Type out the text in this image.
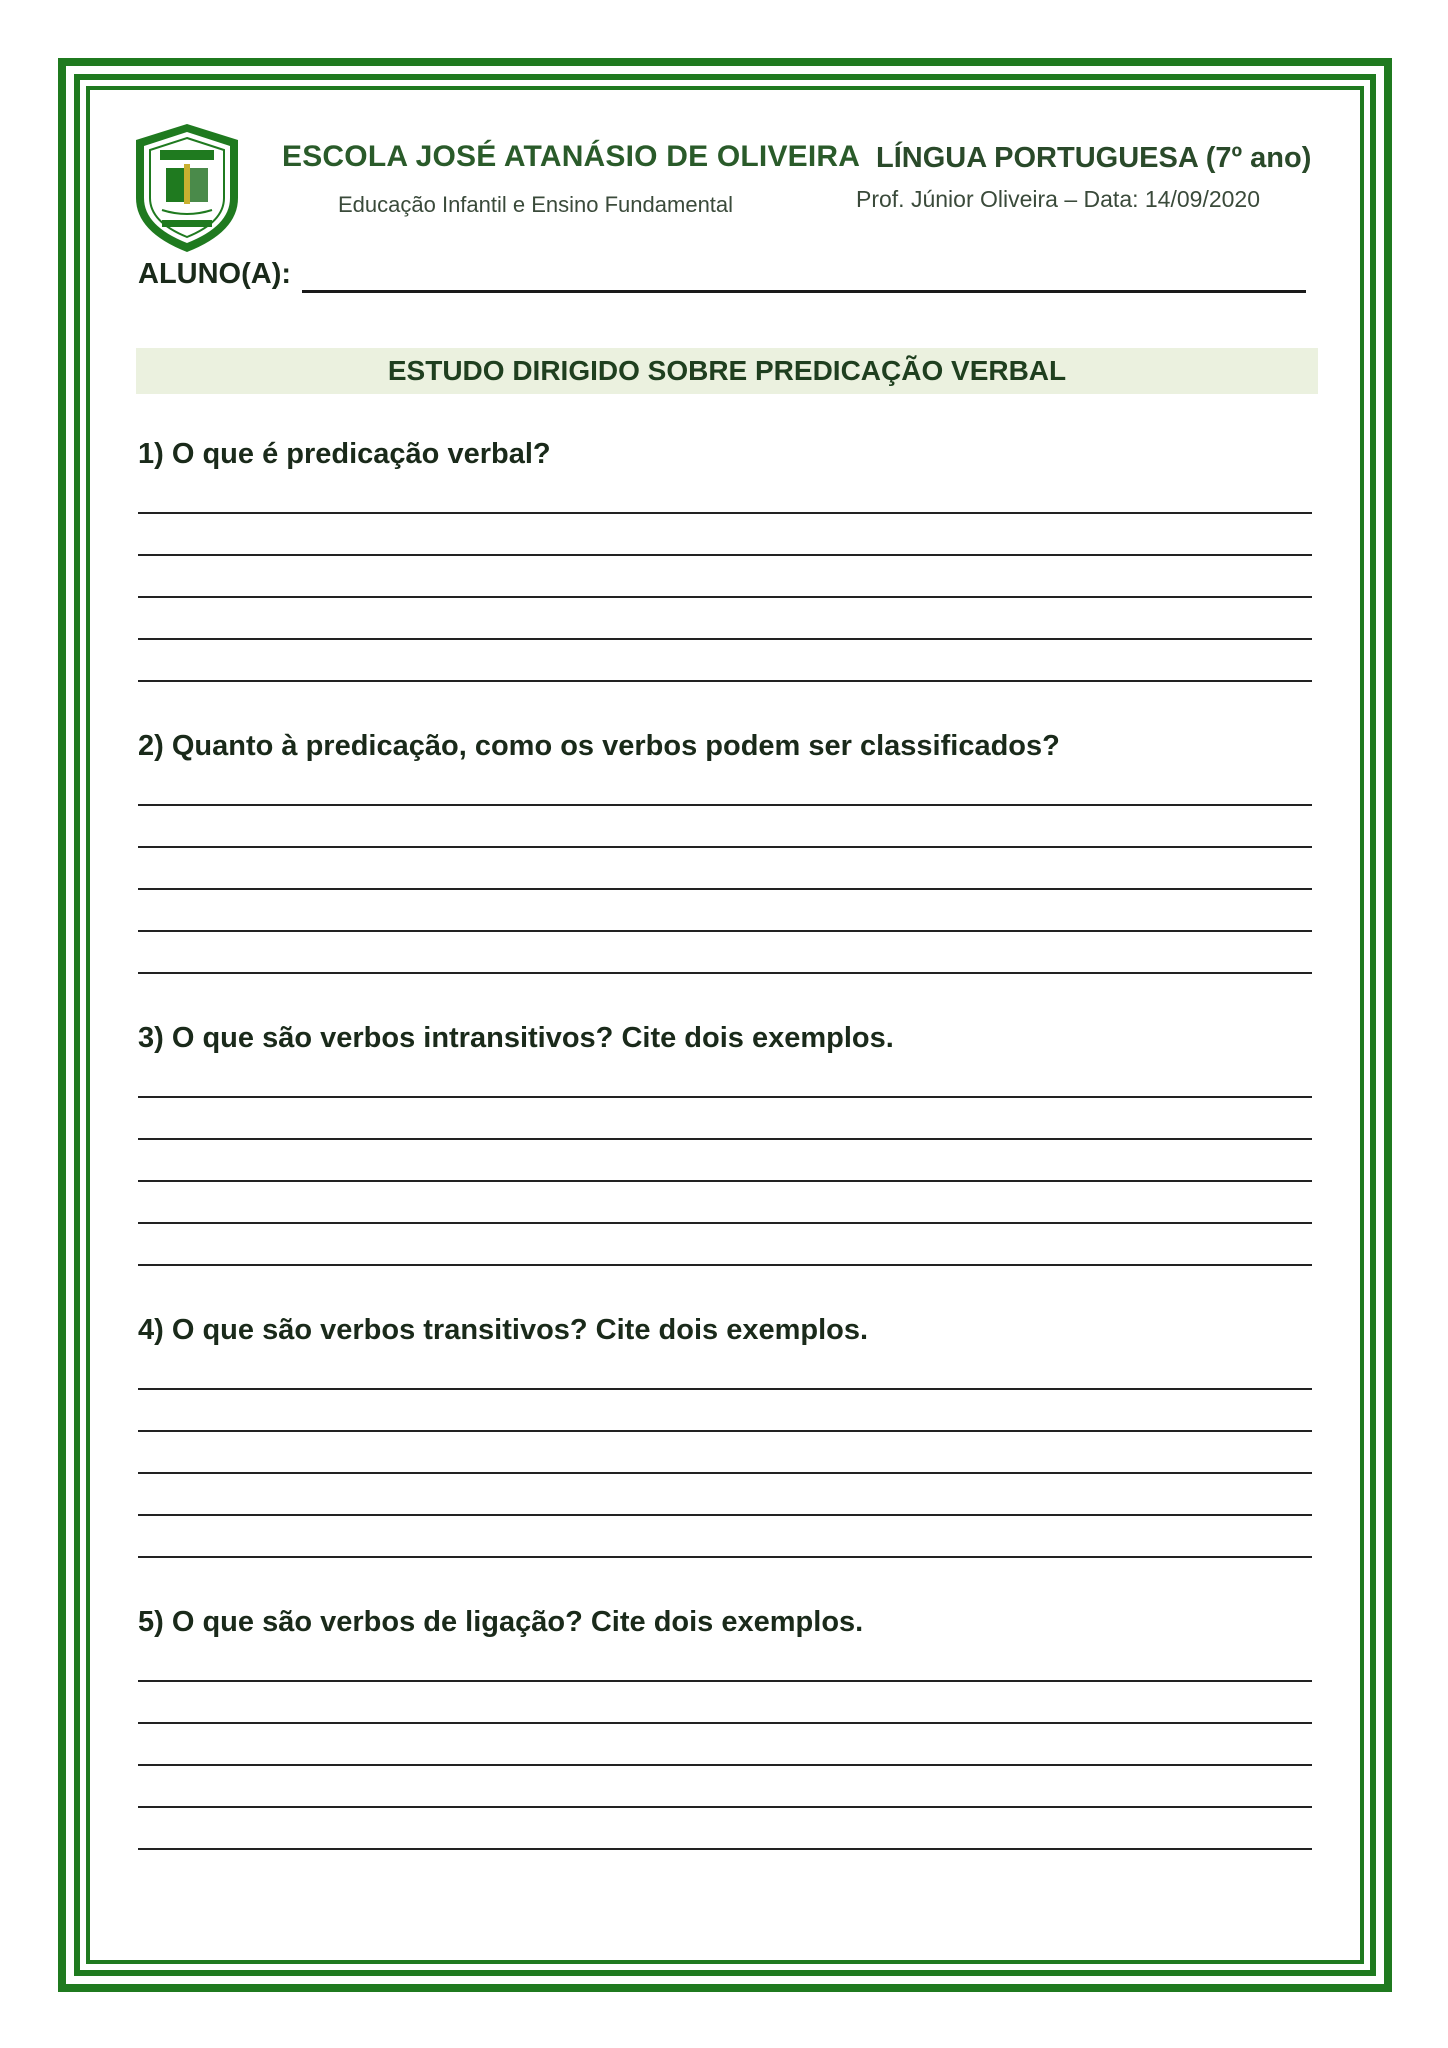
ESCOLA JOSÉ ATANÁSIO DE OLIVEIRA
Educação Infantil e Ensino Fundamental
LÍNGUA PORTUGUESA (7º ano)
Prof. Júnior Oliveira – Data: 14/09/2020
ALUNO(A):
ESTUDO DIRIGIDO SOBRE PREDICAÇÃO VERBAL
1) O que é predicação verbal?
2) Quanto à predicação, como os verbos podem ser classificados?
3) O que são verbos intransitivos? Cite dois exemplos.
4) O que são verbos transitivos? Cite dois exemplos.
5) O que são verbos de ligação? Cite dois exemplos.
